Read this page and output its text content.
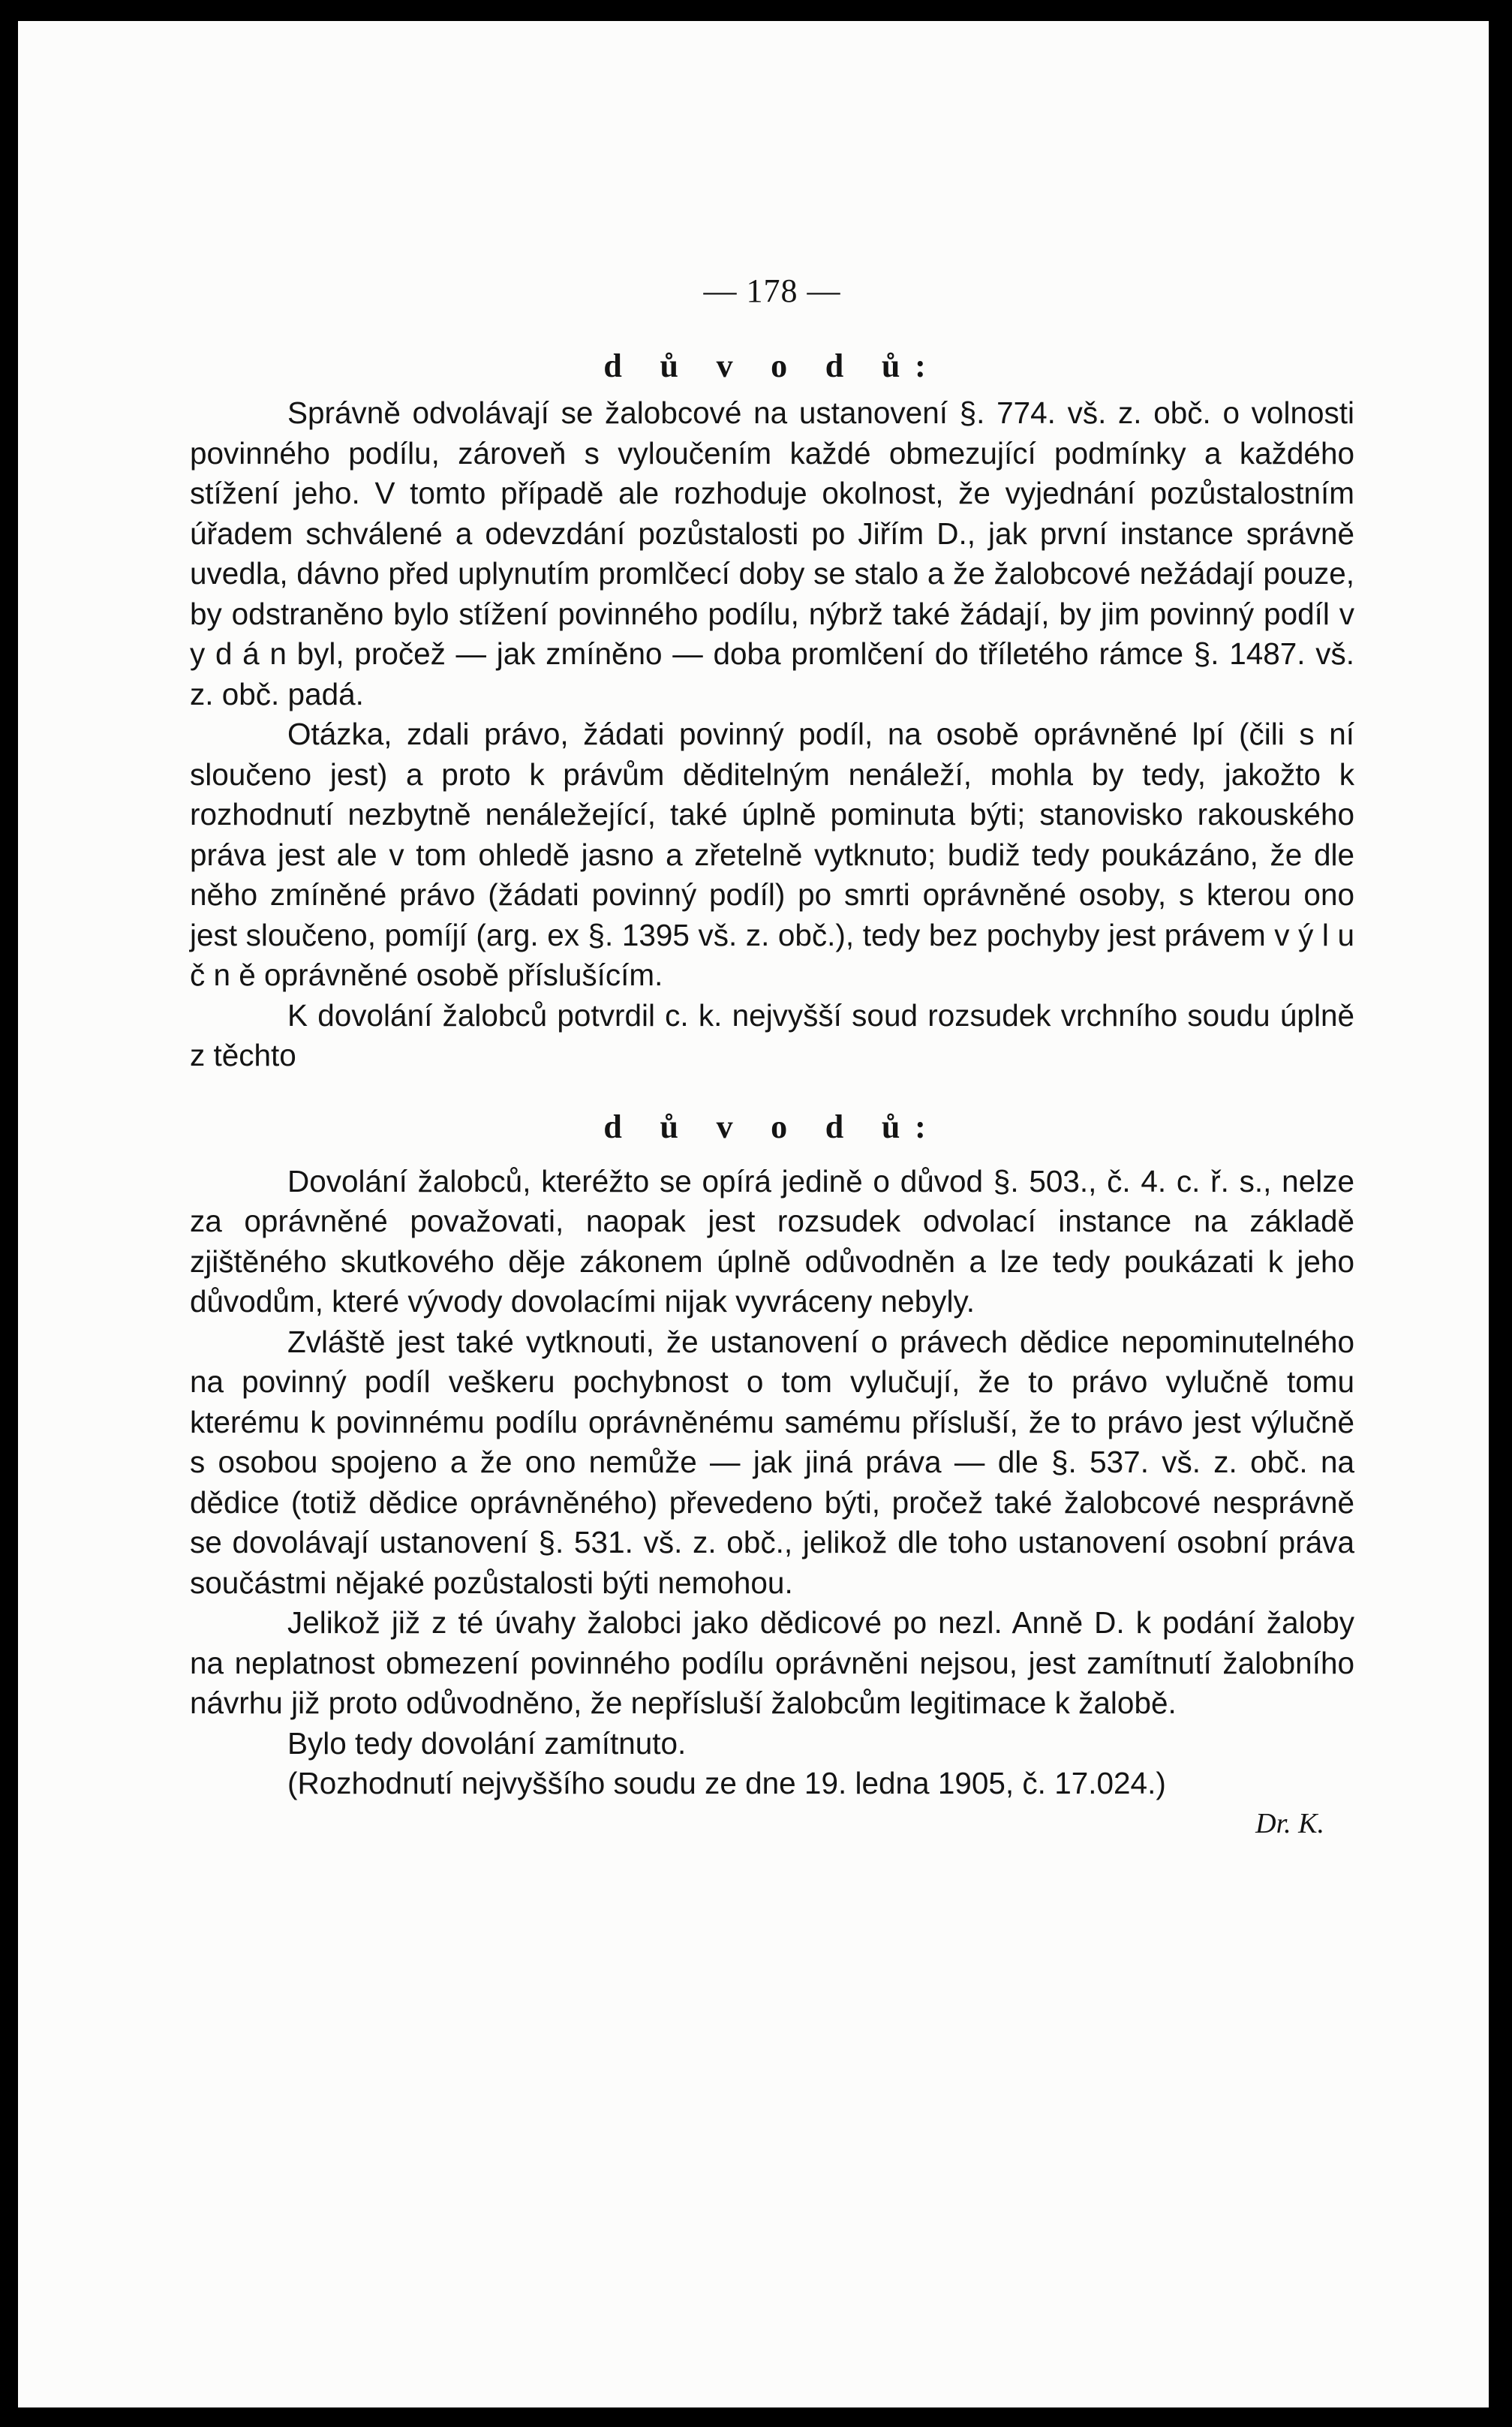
— 178 —
d ů v o d ů:

Správně odvolávají se žalobcové na ustanovení §. 774. vš. z. obč. o volnosti povinného podílu, zároveň s vyloučením každé obmezující podmínky a každého stížení jeho. V tomto případě ale rozhoduje okolnost, že vyjednání pozůstalostním úřadem schválené a odevzdání pozůstalosti po Jiřím D., jak první instance správně uvedla, dávno před uplynutím promlčecí doby se stalo a že žalobcové nežádají pouze, by odstraněno bylo stížení povinného podílu, nýbrž také žádají, by jim povinný podíl v y d á n byl, pročež — jak zmíněno — doba promlčení do tříletého rámce §. 1487. vš. z. obč. padá.

Otázka, zdali právo, žádati povinný podíl, na osobě oprávněné lpí (čili s ní sloučeno jest) a proto k právům děditelným nenáleží, mohla by tedy, jakožto k rozhodnutí nezbytně nenáležející, také úplně pominuta býti; stanovisko rakouského práva jest ale v tom ohledě jasno a zřetelně vytknuto; budiž tedy poukázáno, že dle něho zmíněné právo (žádati povinný podíl) po smrti oprávněné osoby, s kterou ono jest sloučeno, pomíjí (arg. ex §. 1395 vš. z. obč.), tedy bez pochyby jest právem v ý l u č n ě oprávněné osobě příslušícím.

K dovolání žalobců potvrdil c. k. nejvyšší soud rozsudek vrchního soudu úplně z těchto

d ů v o d ů:

Dovolání žalobců, kteréžto se opírá jedině o důvod §. 503., č. 4. c. ř. s., nelze za oprávněné považovati, naopak jest rozsudek odvolací instance na základě zjištěného skutkového děje zákonem úplně odůvodněn a lze tedy poukázati k jeho důvodům, které vývody dovolacími nijak vyvráceny nebyly.

Zvláště jest také vytknouti, že ustanovení o právech dědice nepominutelného na povinný podíl veškeru pochybnost o tom vylučují, že to právo vylučně tomu kterému k povinnému podílu oprávněnému samému přísluší, že to právo jest výlučně s osobou spojeno a že ono nemůže — jak jiná práva — dle §. 537. vš. z. obč. na dědice (totiž dědice oprávněného) převedeno býti, pročež také žalobcové nesprávně se dovolávají ustanovení §. 531. vš. z. obč., jelikož dle toho ustanovení osobní práva součástmi nějaké pozůstalosti býti nemohou.

Jelikož již z té úvahy žalobci jako dědicové po nezl. Anně D. k podání žaloby na neplatnost obmezení povinného podílu oprávněni nejsou, jest zamítnutí žalobního návrhu již proto odůvodněno, že nepřísluší žalobcům legitimace k žalobě.

Bylo tedy dovolání zamítnuto.

(Rozhodnutí nejvyššího soudu ze dne 19. ledna 1905, č. 17.024.)

Dr. K.
